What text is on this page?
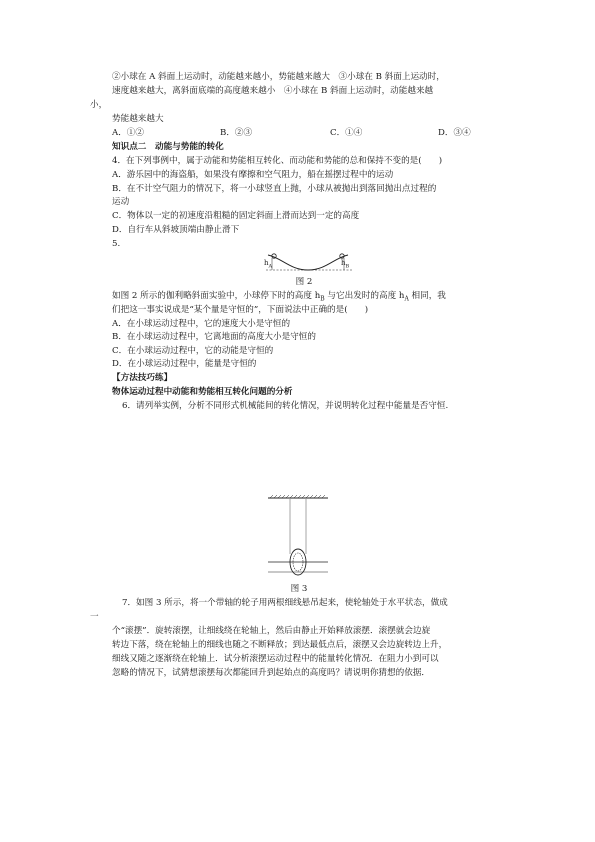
②小球在 A 斜面上运动时，动能越来越小，势能越来越大　③小球在 B 斜面上运动时，
速度越来越大，离斜面底端的高度越来越小　④小球在 B 斜面上运动时，动能越来越
小，
势能越来越大
A．①②	B．②③	C．①④	D．③④
知识点二　动能与势能的转化
4．在下列事例中，属于动能和势能相互转化、而动能和势能的总和保持不变的是(　　)
A．游乐园中的海盗船，如果没有摩擦和空气阻力，船在摇摆过程中的运动
B．在不计空气阻力的情况下，将一小球竖直上抛，小球从被抛出到落回抛出点过程的
运动
C．物体以一定的初速度沿粗糙的固定斜面上滑而达到一定的高度
D．自行车从斜坡顶端由静止滑下
5.
$h_A$	$h_B$
图 2
如图 2 所示的伽利略斜面实验中，小球停下时的高度 $h_B$ 与它出发时的高度 $h_A$ 相同，我
们把这一事实说成是“某个量是守恒的”，下面说法中正确的是(　　)
A．在小球运动过程中，它的速度大小是守恒的
B．在小球运动过程中，它离地面的高度大小是守恒的
C．在小球运动过程中，它的动能是守恒的
D．在小球运动过程中，能量是守恒的
【方法技巧练】
物体运动过程中动能和势能相互转化问题的分析
6．请列举实例，分析不同形式机械能间的转化情况，并说明转化过程中能量是否守恒.
图 3
7．如图 3 所示，将一个带轴的轮子用两根细线悬吊起来，使轮轴处于水平状态，做成
一
个“滚摆”．旋转滚摆，让细线绕在轮轴上，然后由静止开始释放滚摆．滚摆就会边旋
转边下落，绕在轮轴上的细线也随之不断释放；到达最低点后，滚摆又会边旋转边上升，
细线又随之逐渐绕在轮轴上．试分析滚摆运动过程中的能量转化情况．在阻力小到可以
忽略的情况下，试猜想滚摆每次都能回升到起始点的高度吗？请说明你猜想的依据．
